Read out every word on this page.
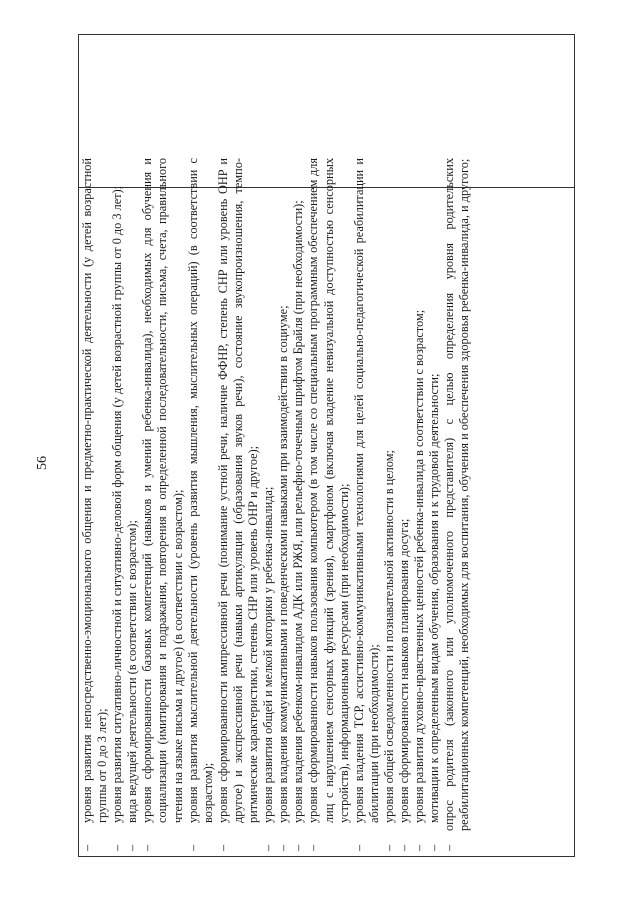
56
–
уровня развития непосредственно-эмоционального общения и предметно-практической деятельности (у детей возрастной группы от 0 до 3 лет);
–
уровня развития ситуативно-личностной и ситуативно-деловой форм общения (у детей возрастной группы от 0 до 3 лет);
–
вида ведущей деятельности (в соответствии с возрастом);
–
уровня сформированности базовых компетенций (навыков и умений ребенка-инвалида), необходимых для обучения и социализации (имитирования и подражания, повторения в определенной последовательности, письма, счета, правильного чтения на языке письма и другое) (в соответствии с возрастом);
–
уровня развития мыслительной деятельности (уровень развития мышления, мыслительных операций) (в соответствии с возрастом);
–
уровня сформированности импрессивной речи (понимание устной речи, наличие ФФНР, степень СНР или уровень ОНР и другое) и экспрессивной речи (навыки артикуляции (образования звуков речи), состояние звукопроизношения, темпо-ритмические характеристики, степень СНР или уровень ОНР и другое);
–
уровня развития общей и мелкой моторики у ребенка-инвалида;
–
уровня владения коммуникативными и поведенческими навыками при взаимодействии в социуме;
–
уровня владения ребенком-инвалидом АДК или РЖЯ, или рельефно-точечным шрифтом Брайля (при необходимости);
–
уровня сформированности навыков пользования компьютером (в том числе со специальным программным обеспечением для лиц с нарушением сенсорных функций (зрения), смартфоном (включая владение невизуальной доступностью сенсорных устройств), информационными ресурсами (при необходимости);
–
уровня владения ТСР, ассистивно-коммуникативными технологиями для целей социально-педагогической реабилитации и абилитации (при необходимости);
–
уровня общей осведомленности и познавательной активности в целом;
–
уровня сформированности навыков планирования досуга;
–
уровня развития духовно-нравственных ценностей ребенка-инвалида в соответствии с возрастом;
–
мотивации к определенным видам обучения, образования и к трудовой деятельности;
–
опрос родителя (законного или уполномоченного представителя) с целью определения уровня родительских реабилитационных компетенций, необходимых для воспитания, обучения и обеспечения здоровья ребенка-инвалида, и другого;
